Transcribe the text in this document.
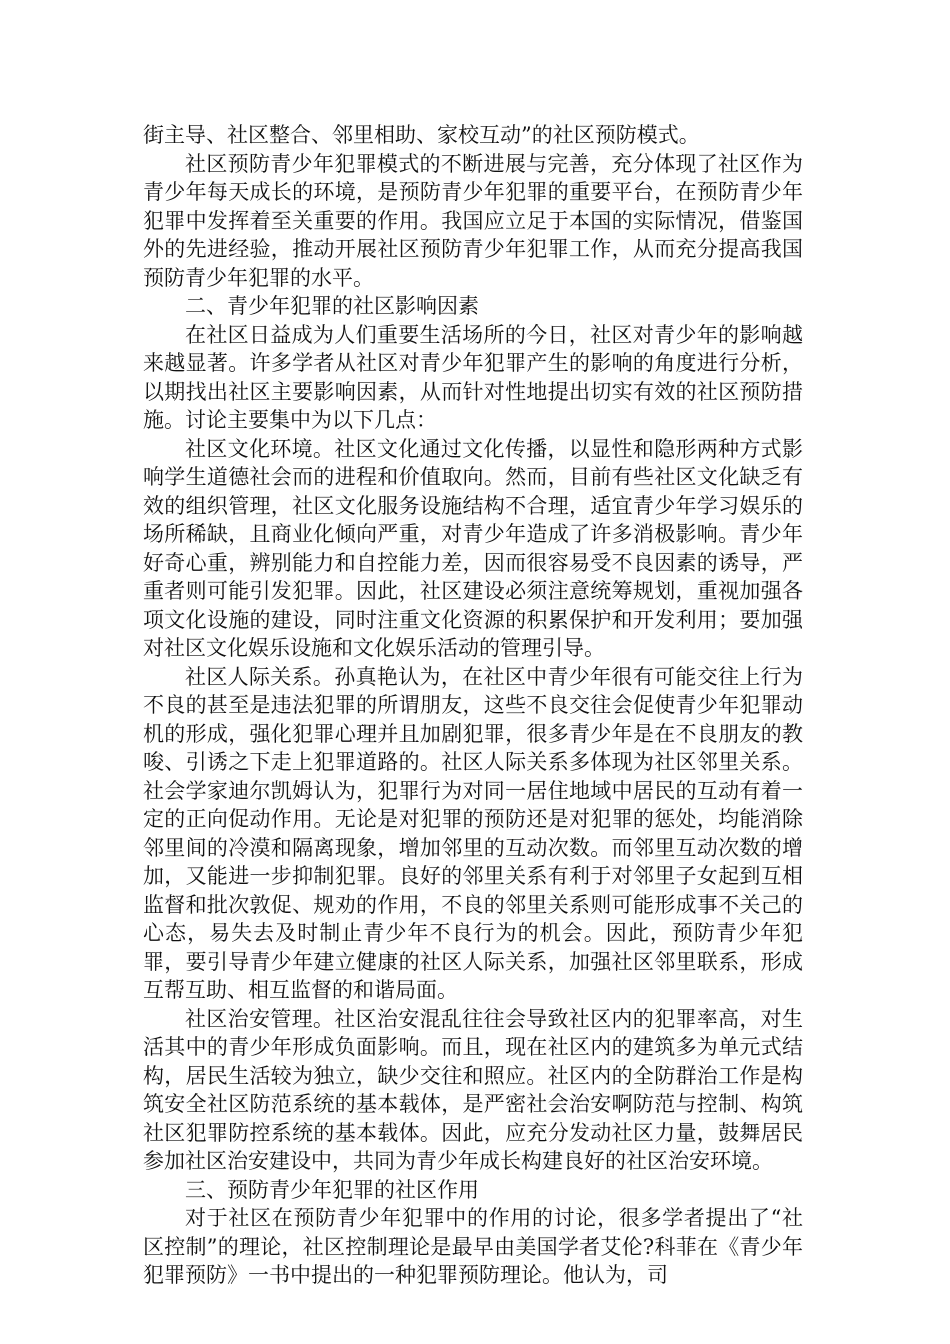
街主导、社区整合、邻里相助、家校互动”的社区预防模式。

社区预防青少年犯罪模式的不断进展与完善，充分体现了社区作为青少年每天成长的环境，是预防青少年犯罪的重要平台，在预防青少年犯罪中发挥着至关重要的作用。我国应立足于本国的实际情况，借鉴国外的先进经验，推动开展社区预防青少年犯罪工作，从而充分提高我国预防青少年犯罪的水平。

二、青少年犯罪的社区影响因素

在社区日益成为人们重要生活场所的今日，社区对青少年的影响越来越显著。许多学者从社区对青少年犯罪产生的影响的角度进行分析，以期找出社区主要影响因素，从而针对性地提出切实有效的社区预防措施。讨论主要集中为以下几点：

社区文化环境。社区文化通过文化传播，以显性和隐形两种方式影响学生道德社会而的进程和价值取向。然而，目前有些社区文化缺乏有效的组织管理，社区文化服务设施结构不合理，适宜青少年学习娱乐的场所稀缺，且商业化倾向严重，对青少年造成了许多消极影响。青少年好奇心重，辨别能力和自控能力差，因而很容易受不良因素的诱导，严重者则可能引发犯罪。因此，社区建设必须注意统筹规划，重视加强各项文化设施的建设，同时注重文化资源的积累保护和开发利用；要加强对社区文化娱乐设施和文化娱乐活动的管理引导。

社区人际关系。孙真艳认为，在社区中青少年很有可能交往上行为不良的甚至是违法犯罪的所谓朋友，这些不良交往会促使青少年犯罪动机的形成，强化犯罪心理并且加剧犯罪，很多青少年是在不良朋友的教唆、引诱之下走上犯罪道路的。社区人际关系多体现为社区邻里关系。社会学家迪尔凯姆认为，犯罪行为对同一居住地域中居民的互动有着一定的正向促动作用。无论是对犯罪的预防还是对犯罪的惩处，均能消除邻里间的冷漠和隔离现象，增加邻里的互动次数。而邻里互动次数的增加，又能进一步抑制犯罪。良好的邻里关系有利于对邻里子女起到互相监督和批次敦促、规劝的作用，不良的邻里关系则可能形成事不关己的心态，易失去及时制止青少年不良行为的机会。因此，预防青少年犯罪，要引导青少年建立健康的社区人际关系，加强社区邻里联系，形成互帮互助、相互监督的和谐局面。

社区治安管理。社区治安混乱往往会导致社区内的犯罪率高，对生活其中的青少年形成负面影响。而且，现在社区内的建筑多为单元式结构，居民生活较为独立，缺少交往和照应。社区内的全防群治工作是构筑安全社区防范系统的基本载体，是严密社会治安啊防范与控制、构筑社区犯罪防控系统的基本载体。因此，应充分发动社区力量，鼓舞居民参加社区治安建设中，共同为青少年成长构建良好的社区治安环境。

三、预防青少年犯罪的社区作用

对于社区在预防青少年犯罪中的作用的讨论，很多学者提出了“社区控制”的理论，社区控制理论是最早由美国学者艾伦?科菲在《青少年犯罪预防》一书中提出的一种犯罪预防理论。他认为，司
